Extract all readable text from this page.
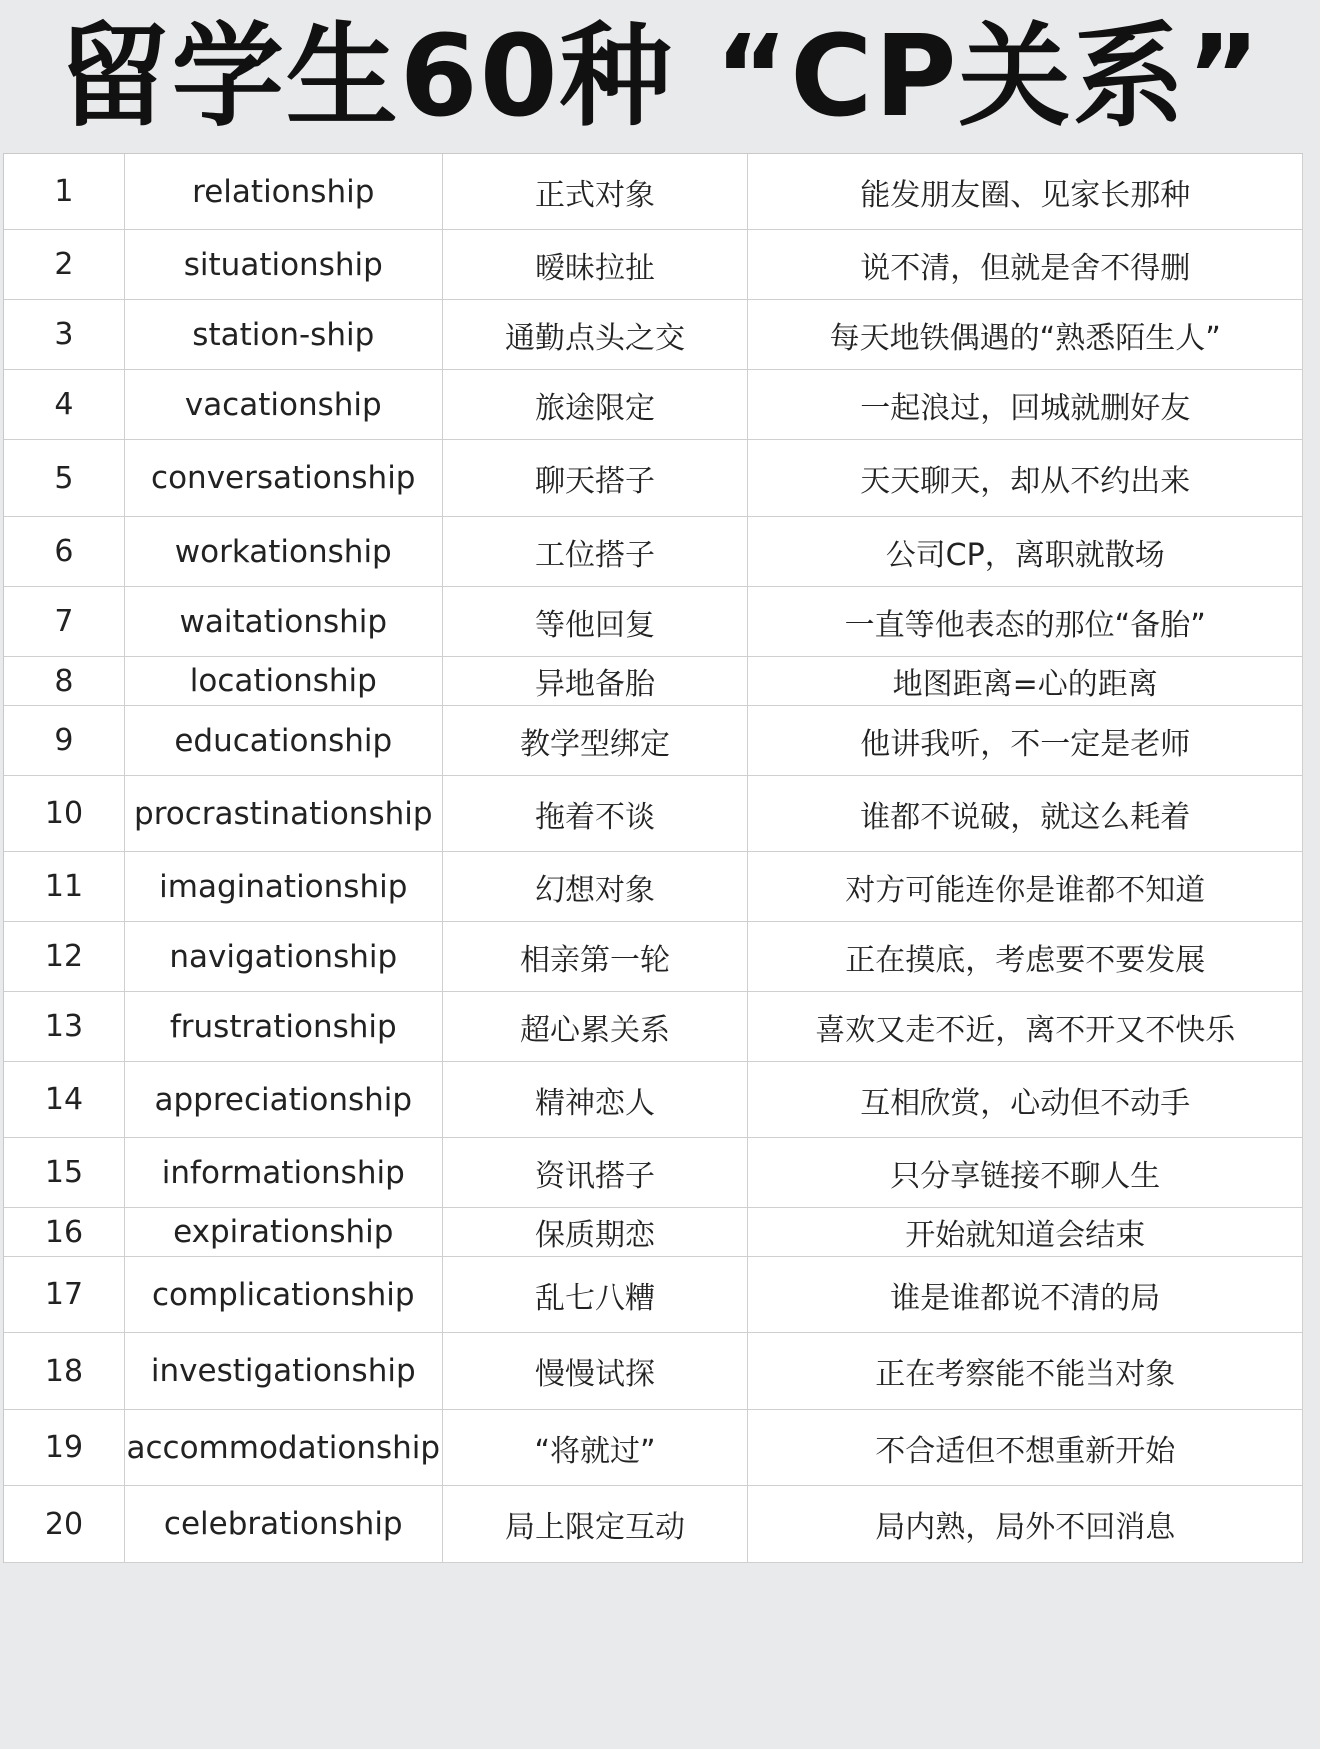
留学生60种 “CP关系”
1	relationship	正式对象	能发朋友圈、见家长那种
2	situationship	暧昧拉扯	说不清，但就是舍不得删
3	station-ship	通勤点头之交	每天地铁偶遇的“熟悉陌生人”
4	vacationship	旅途限定	一起浪过，回城就删好友
5	conversationship	聊天搭子	天天聊天，却从不约出来
6	workationship	工位搭子	公司CP，离职就散场
7	waitationship	等他回复	一直等他表态的那位“备胎”
8	locationship	异地备胎	地图距离=心的距离
9	educationship	教学型绑定	他讲我听，不一定是老师
10	procrastinationship	拖着不谈	谁都不说破，就这么耗着
11	imaginationship	幻想对象	对方可能连你是谁都不知道
12	navigationship	相亲第一轮	正在摸底，考虑要不要发展
13	frustrationship	超心累关系	喜欢又走不近，离不开又不快乐
14	appreciationship	精神恋人	互相欣赏，心动但不动手
15	informationship	资讯搭子	只分享链接不聊人生
16	expirationship	保质期恋	开始就知道会结束
17	complicationship	乱七八糟	谁是谁都说不清的局
18	investigationship	慢慢试探	正在考察能不能当对象
19	accommodationship	“将就过”	不合适但不想重新开始
20	celebrationship	局上限定互动	局内熟，局外不回消息
